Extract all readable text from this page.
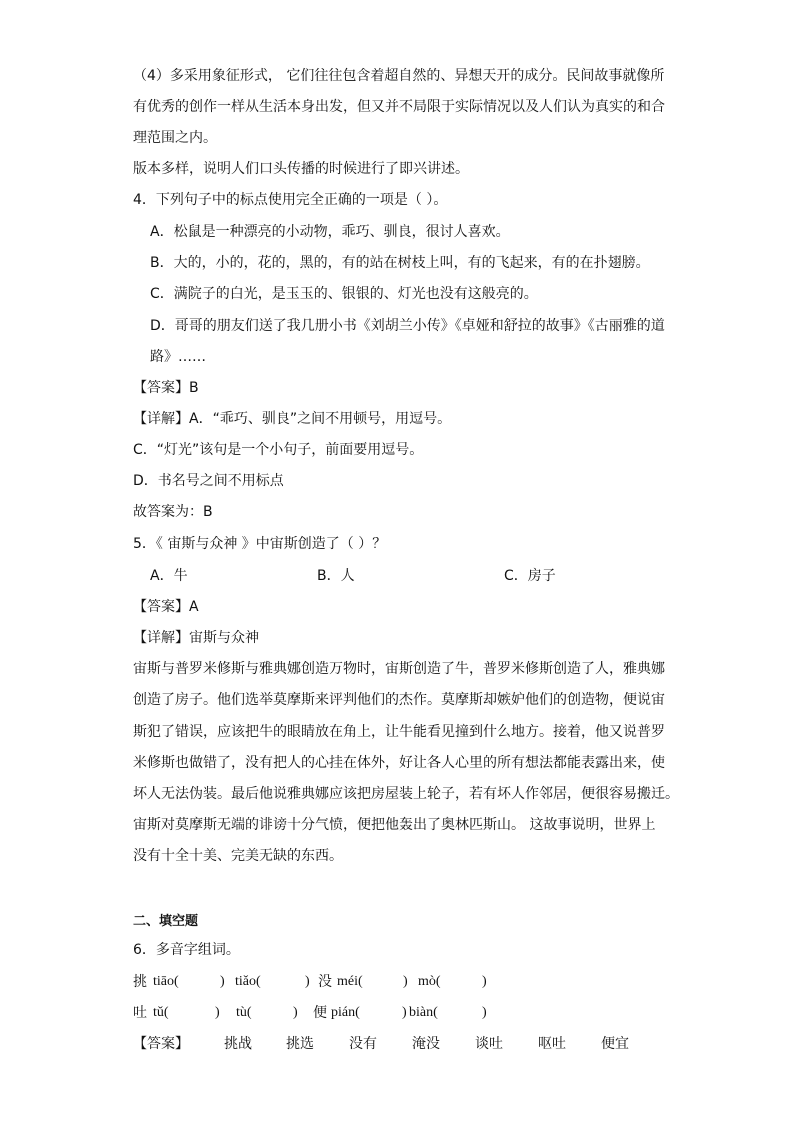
（4）多采用象征形式， 它们往往包含着超自然的、异想天开的成分。民间故事就像所
有优秀的创作一样从生活本身出发，但又并不局限于实际情况以及人们认为真实的和合
理范围之内。
版本多样，说明人们口头传播的时候进行了即兴讲述。
4．下列句子中的标点使用完全正确的一项是（ ）。
A．松鼠是一种漂亮的小动物，乖巧、驯良，很讨人喜欢。
B．大的，小的，花的，黑的，有的站在树枝上叫，有的飞起来，有的在扑翅膀。
C．满院子的白光，是玉玉的、银银的、灯光也没有这般亮的。
D．哥哥的朋友们送了我几册小书《刘胡兰小传》《卓娅和舒拉的故事》《古丽雅的道
路》……
【答案】B
【详解】A．“乖巧、驯良”之间不用顿号，用逗号。
C．“灯光”该句是一个小句子，前面要用逗号。
D．书名号之间不用标点
故答案为：B
5．《 宙斯与众神 》中宙斯创造了（ ）？
A．牛	B．人	C．房子
【答案】A
【详解】宙斯与众神
宙斯与普罗米修斯与雅典娜创造万物时，宙斯创造了牛，普罗米修斯创造了人，雅典娜
创造了房子。他们选举莫摩斯来评判他们的杰作。莫摩斯却嫉妒他们的创造物，便说宙
斯犯了错误，应该把牛的眼睛放在角上，让牛能看见撞到什么地方。接着，他又说普罗
米修斯也做错了，没有把人的心挂在体外，好让各人心里的所有想法都能表露出来，使
坏人无法伪装。最后他说雅典娜应该把房屋装上轮子，若有坏人作邻居，便很容易搬迁。
宙斯对莫摩斯无端的诽谤十分气愤，便把他轰出了奥林匹斯山。 这故事说明，世界上
没有十全十美、完美无缺的东西。
二、填空题
6．多音字组词。
挑 tiāo(	) tiǎo(	) 没 méi(	) mò(	)
吐 tǔ(	) tù(	) 便 pián(	) biàn(	)
【答案】	挑战 挑选	没有	淹没	谈吐	呕吐	便宜
